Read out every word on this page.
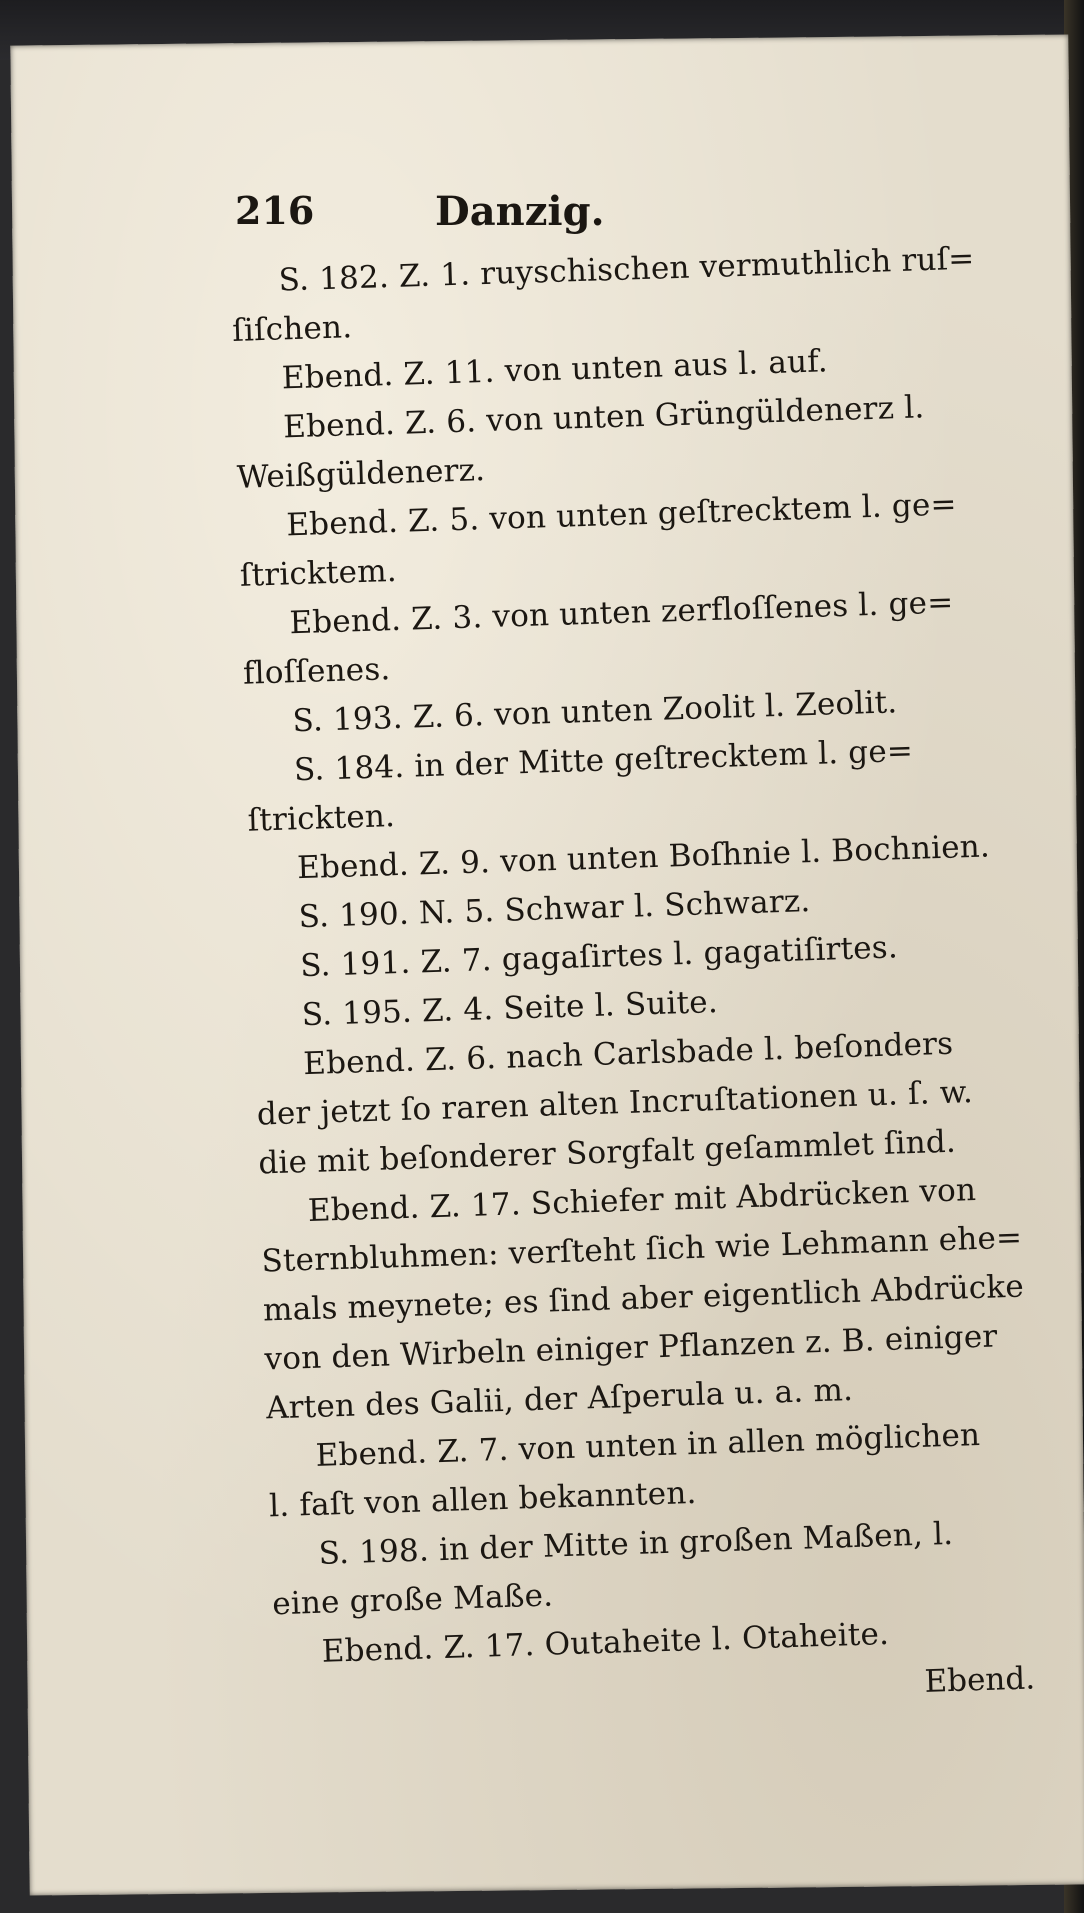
216	Danzig.
S. 182. Z. 1. ruyschischen vermuthlich ruſ=
ſiſchen.
Ebend. Z. 11. von unten aus l. auf.
Ebend. Z. 6. von unten Grüngüldenerz l.
Weißgüldenerz.
Ebend. Z. 5. von unten geſtrecktem l. ge=
ſtricktem.
Ebend. Z. 3. von unten zerfloſſenes l. ge=
floſſenes.
S. 193. Z. 6. von unten Zoolit l. Zeolit.
S. 184. in der Mitte geſtrecktem l. ge=
ſtrickten.
Ebend. Z. 9. von unten Boſhnie l. Bochnien.
S. 190. N. 5. Schwar l. Schwarz.
S. 191. Z. 7. gagaſirtes l. gagatiſirtes.
S. 195. Z. 4. Seite l. Suite.
Ebend. Z. 6. nach Carlsbade l. beſonders
der jetzt ſo raren alten Incruſtationen u. ſ. w.
die mit beſonderer Sorgfalt geſammlet ſind.
Ebend. Z. 17. Schiefer mit Abdrücken von
Sternbluhmen: verſteht ſich wie Lehmann ehe=
mals meynete; es ſind aber eigentlich Abdrücke
von den Wirbeln einiger Pflanzen z. B. einiger
Arten des Galii, der Aſperula u. a. m.
Ebend. Z. 7. von unten in allen möglichen
l. faſt von allen bekannten.
S. 198. in der Mitte in großen Maßen, l.
eine große Maße.
Ebend. Z. 17. Outaheite l. Otaheite.
Ebend.
